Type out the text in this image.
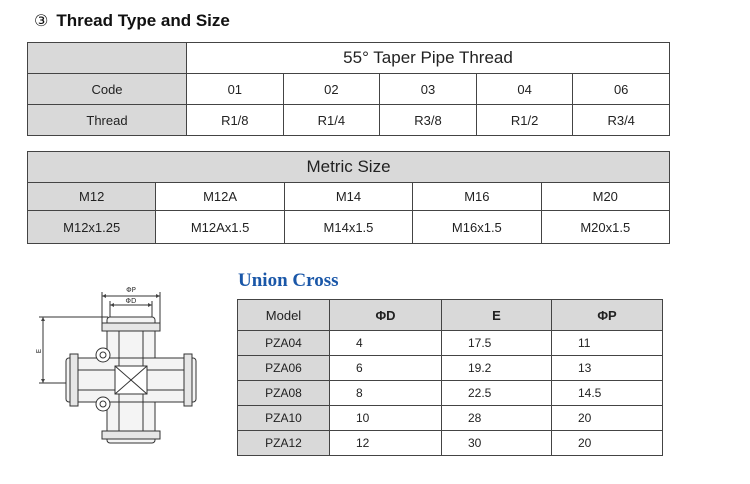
③ Thread Type and Size
	55° Taper Pipe Thread				
Code	01	02	03	04	06
Thread	R1/8	R1/4	R3/8	R1/2	R3/4
Metric Size				
M12	M12A	M14	M16	M20
M12x1.25	M12Ax1.5	M14x1.5	M16x1.5	M20x1.5
ΦP
ΦD
E
Union Cross
Model	ΦD	E	ΦP
PZA04	4	17.5	11
PZA06	6	19.2	13
PZA08	8	22.5	14.5
PZA10	10	28	20
PZA12	12	30	20
